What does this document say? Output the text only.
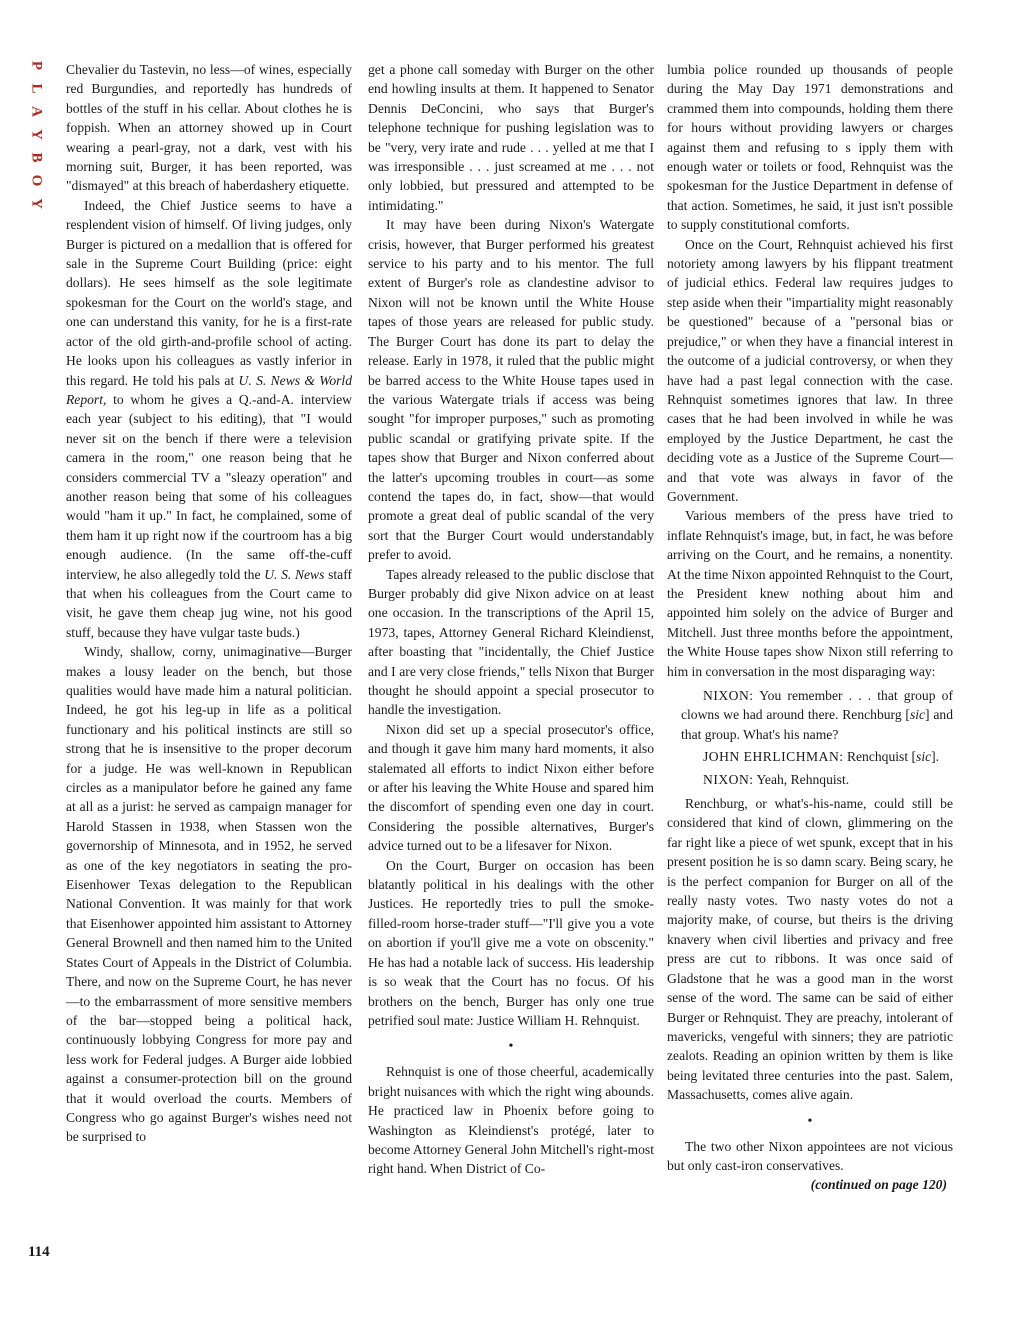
P
L
A
Y
B
O
Y
114

Chevalier du Tastevin, no less—of wines, especially red Burgundies, and reportedly has hundreds of bottles of the stuff in his cellar. About clothes he is foppish. When an attorney showed up in Court wearing a pearl-gray, not a dark, vest with his morning suit, Burger, it has been reported, was "dismayed" at this breach of haberdashery etiquette.

Indeed, the Chief Justice seems to have a resplendent vision of himself. Of living judges, only Burger is pictured on a medallion that is offered for sale in the Supreme Court Building (price: eight dollars). He sees himself as the sole legitimate spokesman for the Court on the world's stage, and one can understand this vanity, for he is a first-rate actor of the old girth-and-profile school of acting. He looks upon his colleagues as vastly inferior in this regard. He told his pals at U. S. News & World Report, to whom he gives a Q.-and-A. interview each year (subject to his editing), that "I would never sit on the bench if there were a television camera in the room," one reason being that he considers commercial TV a "sleazy operation" and another reason being that some of his colleagues would "ham it up." In fact, he complained, some of them ham it up right now if the courtroom has a big enough audience. (In the same off-the-cuff interview, he also allegedly told the U. S. News staff that when his colleagues from the Court came to visit, he gave them cheap jug wine, not his good stuff, because they have vulgar taste buds.)

Windy, shallow, corny, unimaginative—Burger makes a lousy leader on the bench, but those qualities would have made him a natural politician. Indeed, he got his leg-up in life as a political functionary and his political instincts are still so strong that he is insensitive to the proper decorum for a judge. He was well-known in Republican circles as a manipulator before he gained any fame at all as a jurist: he served as campaign manager for Harold Stassen in 1938, when Stassen won the governorship of Minnesota, and in 1952, he served as one of the key negotiators in seating the pro-Eisenhower Texas delegation to the Republican National Convention. It was mainly for that work that Eisenhower appointed him assistant to Attorney General Brownell and then named him to the United States Court of Appeals in the District of Columbia. There, and now on the Supreme Court, he has never—to the embarrassment of more sensitive members of the bar—stopped being a political hack, continuously lobbying Congress for more pay and less work for Federal judges. A Burger aide lobbied against a consumer-protection bill on the ground that it would overload the courts. Members of Congress who go against Burger's wishes need not be surprised to

get a phone call someday with Burger on the other end howling insults at them. It happened to Senator Dennis DeConcini, who says that Burger's telephone technique for pushing legislation was to be "very, very irate and rude . . . yelled at me that I was irresponsible . . . just screamed at me . . . not only lobbied, but pressured and attempted to be intimidating."

It may have been during Nixon's Watergate crisis, however, that Burger performed his greatest service to his party and to his mentor. The full extent of Burger's role as clandestine advisor to Nixon will not be known until the White House tapes of those years are released for public study. The Burger Court has done its part to delay the release. Early in 1978, it ruled that the public might be barred access to the White House tapes used in the various Watergate trials if access was being sought "for improper purposes," such as promoting public scandal or gratifying private spite. If the tapes show that Burger and Nixon conferred about the latter's upcoming troubles in court—as some contend the tapes do, in fact, show—that would promote a great deal of public scandal of the very sort that the Burger Court would understandably prefer to avoid.

Tapes already released to the public disclose that Burger probably did give Nixon advice on at least one occasion. In the transcriptions of the April 15, 1973, tapes, Attorney General Richard Kleindienst, after boasting that "incidentally, the Chief Justice and I are very close friends," tells Nixon that Burger thought he should appoint a special prosecutor to handle the investigation.

Nixon did set up a special prosecutor's office, and though it gave him many hard moments, it also stalemated all efforts to indict Nixon either before or after his leaving the White House and spared him the discomfort of spending even one day in court. Considering the possible alternatives, Burger's advice turned out to be a lifesaver for Nixon.

On the Court, Burger on occasion has been blatantly political in his dealings with the other Justices. He reportedly tries to pull the smoke-filled-room horse-trader stuff—"I'll give you a vote on abortion if you'll give me a vote on obscenity." He has had a notable lack of success. His leadership is so weak that the Court has no focus. Of his brothers on the bench, Burger has only one true petrified soul mate: Justice William H. Rehnquist.

•

Rehnquist is one of those cheerful, academically bright nuisances with which the right wing abounds. He practiced law in Phoenix before going to Washington as Kleindienst's protégé, later to become Attorney General John Mitchell's right-most right hand. When District of Co-

lumbia police rounded up thousands of people during the May Day 1971 demonstrations and crammed them into compounds, holding them there for hours without providing lawyers or charges against them and refusing to s ipply them with enough water or toilets or food, Rehnquist was the spokesman for the Justice Department in defense of that action. Sometimes, he said, it just isn't possible to supply constitutional comforts.

Once on the Court, Rehnquist achieved his first notoriety among lawyers by his flippant treatment of judicial ethics. Federal law requires judges to step aside when their "impartiality might reasonably be questioned" because of a "personal bias or prejudice," or when they have a financial interest in the outcome of a judicial controversy, or when they have had a past legal connection with the case. Rehnquist sometimes ignores that law. In three cases that he had been involved in while he was employed by the Justice Department, he cast the deciding vote as a Justice of the Supreme Court—and that vote was always in favor of the Government.

Various members of the press have tried to inflate Rehnquist's image, but, in fact, he was before arriving on the Court, and he remains, a nonentity. At the time Nixon appointed Rehnquist to the Court, the President knew nothing about him and appointed him solely on the advice of Burger and Mitchell. Just three months before the appointment, the White House tapes show Nixon still referring to him in conversation in the most disparaging way:

NIXON: You remember . . . that group of clowns we had around there. Renchburg [sic] and that group. What's his name?

JOHN EHRLICHMAN: Renchquist [sic].

NIXON: Yeah, Rehnquist.

Renchburg, or what's-his-name, could still be considered that kind of clown, glimmering on the far right like a piece of wet spunk, except that in his present position he is so damn scary. Being scary, he is the perfect companion for Burger on all of the really nasty votes. Two nasty votes do not a majority make, of course, but theirs is the driving knavery when civil liberties and privacy and free press are cut to ribbons. It was once said of Gladstone that he was a good man in the worst sense of the word. The same can be said of either Burger or Rehnquist. They are preachy, intolerant of mavericks, vengeful with sinners; they are patriotic zealots. Reading an opinion written by them is like being levitated three centuries into the past. Salem, Massachusetts, comes alive again.

•

The two other Nixon appointees are not vicious but only cast-iron conservatives.

(continued on page 120)
